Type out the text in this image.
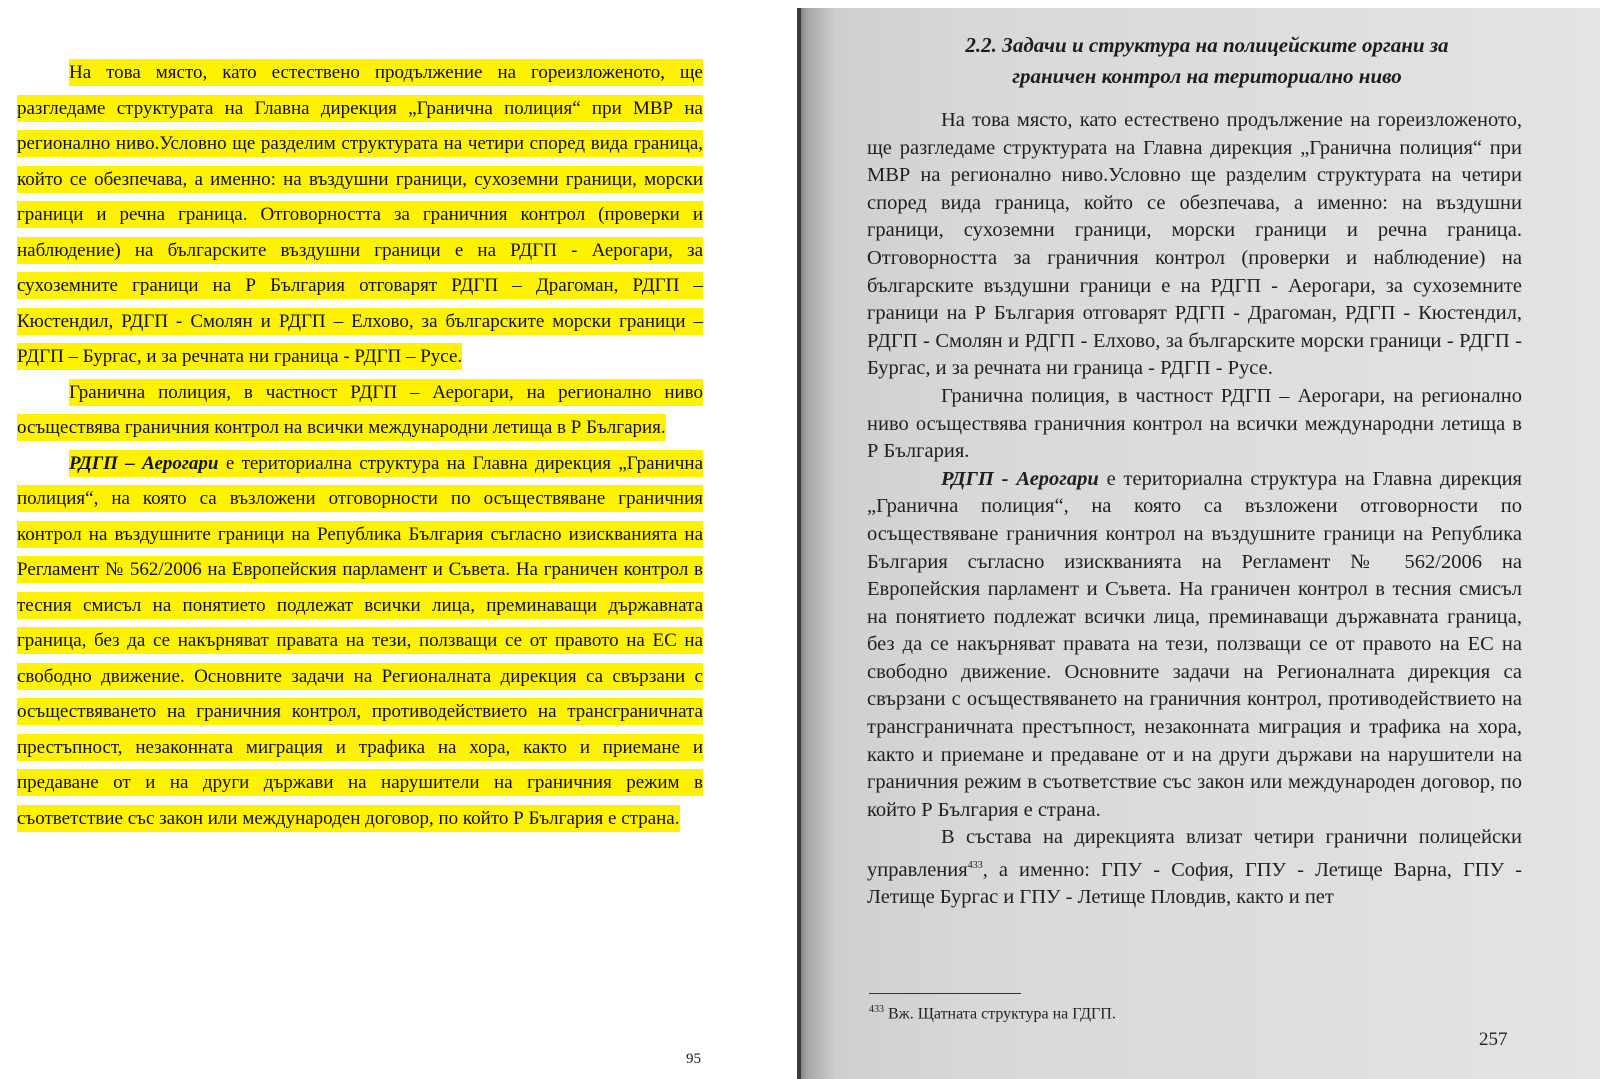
На това място, като естествено продължение на гореизложеното, ще разгледаме структурата на Главна дирекция „Гранична полиция“ при МВР на регионално ниво.Условно ще разделим структурата на четири според вида граница, който се обезпечава, а именно: на въздушни граници, сухоземни граници, морски граници и речна граница. Отговорността за граничния контрол (проверки и наблюдение) на българските въздушни граници е на РДГП - Аерогари, за сухоземните граници на Р България отговарят РДГП – Драгоман, РДГП – Кюстендил, РДГП - Смолян и РДГП – Елхово, за българските морски граници – РДГП – Бургас, и за речната ни граница - РДГП – Русе.

Гранична полиция, в частност РДГП – Аерогари, на регионално ниво осъществява граничния контрол на всички международни летища в Р България.

РДГП – Аерогари е териториална структура на Главна дирекция „Гранична полиция“, на която са възложени отговорности по осъществяване граничния контрол на въздушните граници на Република България съгласно изискванията на Регламент № 562/2006 на Европейския парламент и Съвета. На граничен контрол в тесния смисъл на понятието подлежат всички лица, преминаващи държавната граница, без да се накърняват правата на тези, ползващи се от правото на ЕС на свободно движение. Основните задачи на Регионалната дирекция са свързани с осъществяването на граничния контрол, противодействието на трансграничната престъпност, незаконната миграция и трафика на хора, както и приемане и предаване от и на други държави на нарушители на граничния режим в съответствие със закон или международен договор, по който Р България е страна.

95
2.2. Задачи и структура на полицейските органи за граничен контрол на териториално ниво

На това място, като естествено продължение на гореизложеното, ще разгледаме структурата на Главна дирекция „Гранична полиция“ при МВР на регионално ниво.Условно ще разделим структурата на четири според вида граница, който се обезпечава, а именно: на въздушни граници, сухоземни граници, морски граници и речна граница. Отговорността за граничния контрол (проверки и наблюдение) на българските въздушни граници е на РДГП - Аерогари, за сухоземните граници на Р България отговарят РДГП - Драгоман, РДГП - Кюстендил, РДГП - Смолян и РДГП - Елхово, за българските морски граници - РДГП - Бургас, и за речната ни граница - РДГП - Русе.

Гранична полиция, в частност РДГП – Аерогари, на регионално ниво осъществява граничния контрол на всички международни летища в Р България.

РДГП - Аерогари е териториална структура на Главна дирекция „Гранична полиция“, на която са възложени отговорности по осъществяване граничния контрол на въздушните граници на Република България съгласно изискванията на Регламент № 562/2006 на Европейския парламент и Съвета. На граничен контрол в тесния смисъл на понятието подлежат всички лица, преминаващи държавната граница, без да се накърняват правата на тези, ползващи се от правото на ЕС на свободно движение. Основните задачи на Регионалната дирекция са свързани с осъществяването на граничния контрол, противодействието на трансграничната престъпност, незаконната миграция и трафика на хора, както и приемане и предаване от и на други държави на нарушители на граничния режим в съответствие със закон или международен договор, по който Р България е страна.

В състава на дирекцията влизат четири гранични полицейски управления$^{433}$, а именно: ГПУ - София, ГПУ - Летище Варна, ГПУ - Летище Бургас и ГПУ - Летище Пловдив, както и пет

$^{433}$ Вж. Щатната структура на ГДГП.
257
